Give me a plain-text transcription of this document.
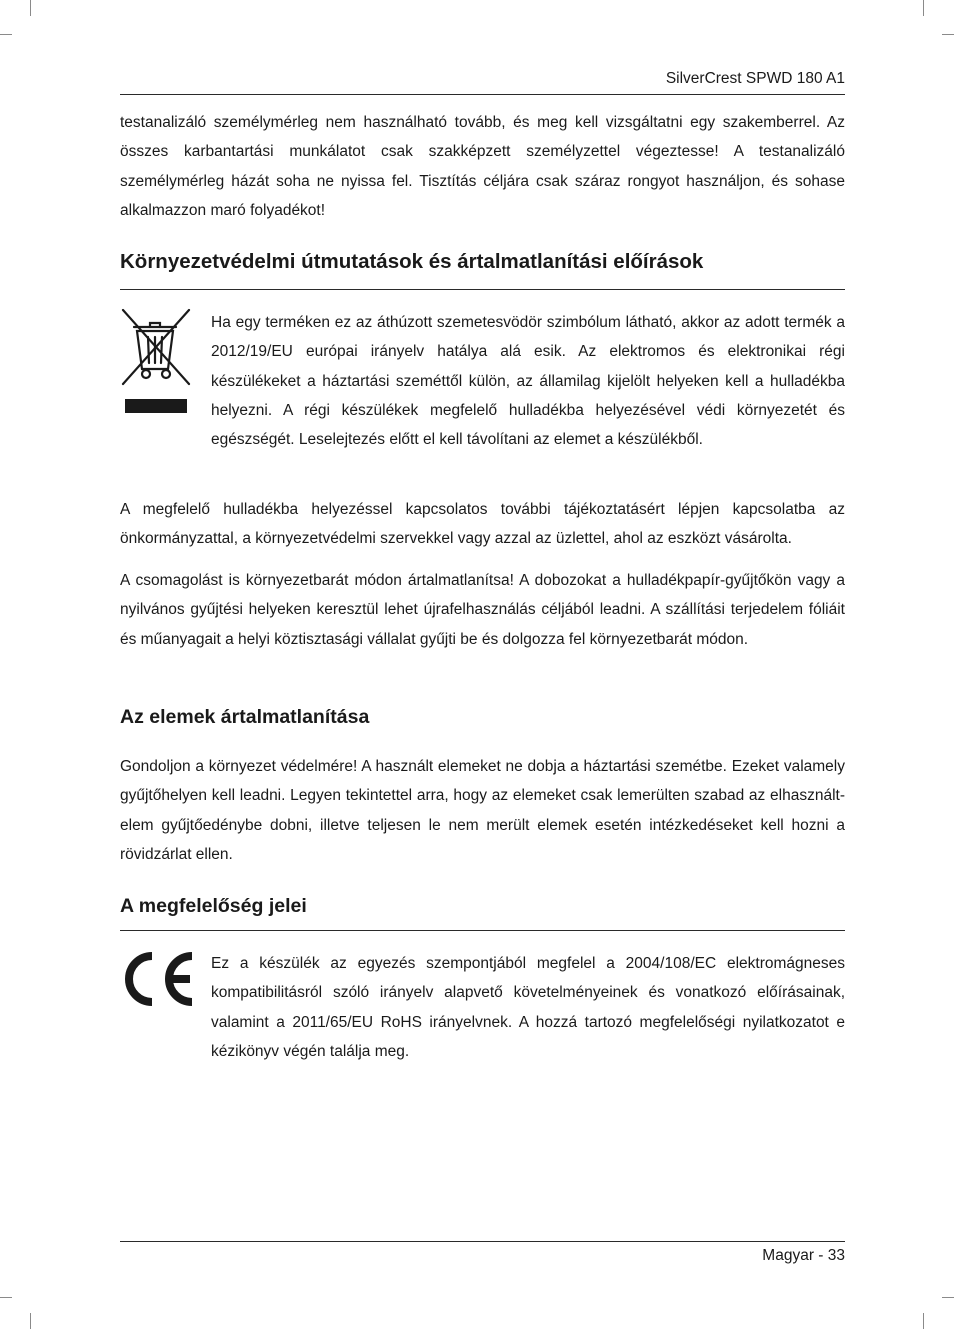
SilverCrest SPWD 180 A1

testanalizáló személymérleg nem használható tovább, és meg kell vizsgáltatni egy szakemberrel. Az összes karbantartási munkálatot csak szakképzett személyzettel végeztesse! A testanalizáló személymérleg házát soha ne nyissa fel. Tisztítás céljára csak száraz rongyot használjon, és sohase alkalmazzon maró folyadékot!

Környezetvédelmi útmutatások és ártalmatlanítási előírások

Ha egy terméken ez az áthúzott szemetesvödör szimbólum látható, akkor az adott termék a 2012/19/EU európai irányelv hatálya alá esik. Az elektromos és elektronikai régi készülékeket a háztartási szeméttől külön, az államilag kijelölt helyeken kell a hulladékba helyezni. A régi készülékek megfelelő hulladékba helyezésével védi környezetét és egészségét. Leselejtezés előtt el kell távolítani az elemet a készülékből.

A megfelelő hulladékba helyezéssel kapcsolatos további tájékoztatásért lépjen kapcsolatba az önkormányzattal, a környezetvédelmi szervekkel vagy azzal az üzlettel, ahol az eszközt vásárolta.

A csomagolást is környezetbarát módon ártalmatlanítsa! A dobozokat a hulladékpapír-gyűjtőkön vagy a nyilvános gyűjtési helyeken keresztül lehet újrafelhasználás céljából leadni. A szállítási terjedelem fóliáit és műanyagait a helyi köztisztasági vállalat gyűjti be és dolgozza fel környezetbarát módon.

Az elemek ártalmatlanítása

Gondoljon a környezet védelmére! A használt elemeket ne dobja a háztartási szemétbe. Ezeket valamely gyűjtőhelyen kell leadni. Legyen tekintettel arra, hogy az elemeket csak lemerülten szabad az elhasznált-elem gyűjtőedénybe dobni, illetve teljesen le nem merült elemek esetén intézkedéseket kell hozni a rövidzárlat ellen.

A megfelelőség jelei

Ez a készülék az egyezés szempontjából megfelel a 2004/108/EC elektromágneses kompatibilitásról szóló irányelv alapvető követelményeinek és vonatkozó előírásainak, valamint a 2011/65/EU RoHS irányelvnek. A hozzá tartozó megfelelőségi nyilatkozatot e kézikönyv végén találja meg.

Magyar - 33
